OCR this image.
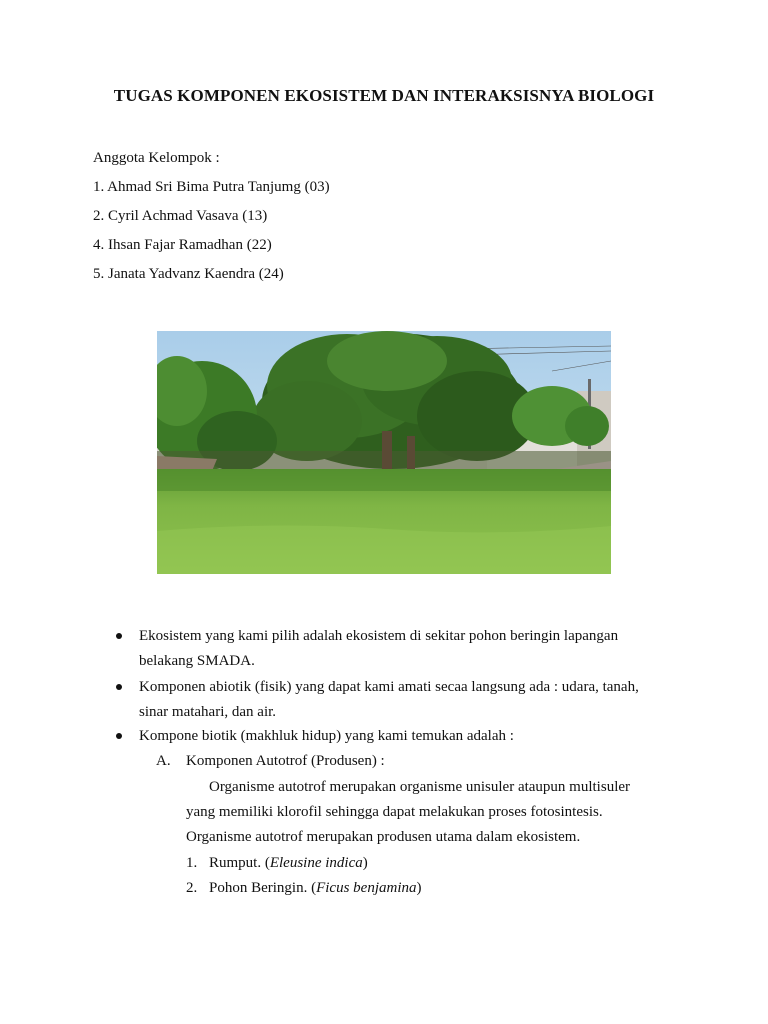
TUGAS KOMPONEN EKOSISTEM DAN INTERAKSISNYA BIOLOGI
Anggota Kelompok :
1. Ahmad Sri Bima Putra Tanjumg (03)
2. Cyril Achmad Vasava (13)
4. Ihsan Fajar Ramadhan (22)
5. Janata Yadvanz Kaendra (24)
Ekosistem yang kami pilih adalah ekosistem di sekitar pohon beringin lapangan
belakang SMADA.
Komponen abiotik (fisik) yang dapat kami amati secaa langsung ada : udara, tanah,
sinar matahari, dan air.
Kompone biotik (makhluk hidup) yang kami temukan adalah :
A. Komponen Autotrof (Produsen) :
Organisme autotrof merupakan organisme unisuler ataupun multisuler
yang memiliki klorofil sehingga dapat melakukan proses fotosintesis.
Organisme autotrof merupakan produsen utama dalam ekosistem.
1. Rumput. (Eleusine indica)
2. Pohon Beringin. (Ficus benjamina)
